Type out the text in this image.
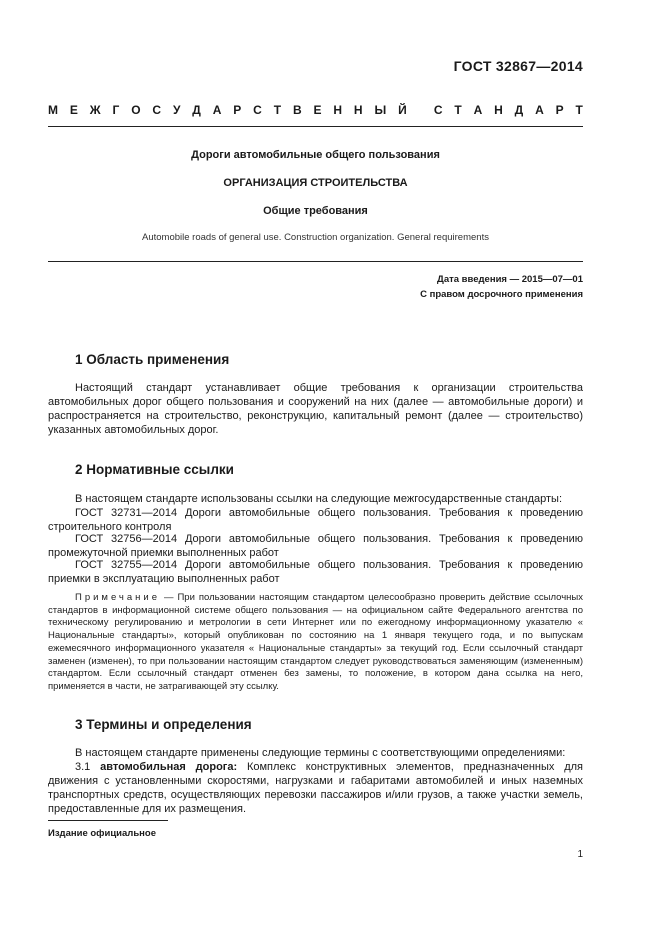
ГОСТ 32867—2014
М Е Ж Г О С У Д А Р С Т В Е Н Н Ы Й
С Т А Н Д А Р Т
Дороги автомобильные общего пользования
ОРГАНИЗАЦИЯ СТРОИТЕЛЬСТВА
Общие требования
Automobile roads of general use. Construction organization. General requirements
Дата введения — 2015—07—01
С правом досрочного применения
1 Область применения
Настоящий стандарт устанавливает общие требования к организации строительства автомобильных дорог общего пользования и сооружений на них (далее — автомобильные дороги) и распространяется на строительство, реконструкцию, капитальный ремонт (далее — строительство) указанных автомобильных дорог.
2 Нормативные ссылки
В настоящем стандарте использованы ссылки на следующие межгосударственные стандарты:
ГОСТ 32731—2014 Дороги автомобильные общего пользования. Требования к проведению строительного контроля
ГОСТ 32756—2014 Дороги автомобильные общего пользования. Требования к проведению промежуточной приемки выполненных работ
ГОСТ 32755—2014 Дороги автомобильные общего пользования. Требования к проведению приемки в эксплуатацию выполненных работ
Примечание — При пользовании настоящим стандартом целесообразно проверить действие ссылочных стандартов в информационной системе общего пользования — на официальном сайте Федерального агентства по техническому регулированию и метрологии в сети Интернет или по ежегодному информационному указателю « Национальные стандарты», который опубликован по состоянию на 1 января текущего года, и по выпускам ежемесячного информационного указателя « Национальные стандарты» за текущий год. Если ссылочный стандарт заменен (изменен), то при пользовании настоящим стандартом следует руководствоваться заменяющим (измененным) стандартом. Если ссылочный стандарт отменен без замены, то положение, в котором дана ссылка на него, применяется в части, не затрагивающей эту ссылку.
3 Термины и определения
В настоящем стандарте применены следующие термины с соответствующими определениями:
3.1 автомобильная дорога: Комплекс конструктивных элементов, предназначенных для движения с установленными скоростями, нагрузками и габаритами автомобилей и иных наземных транспортных средств, осуществляющих перевозки пассажиров и/или грузов, а также участки земель, предоставленные для их размещения.
Издание официальное
1
